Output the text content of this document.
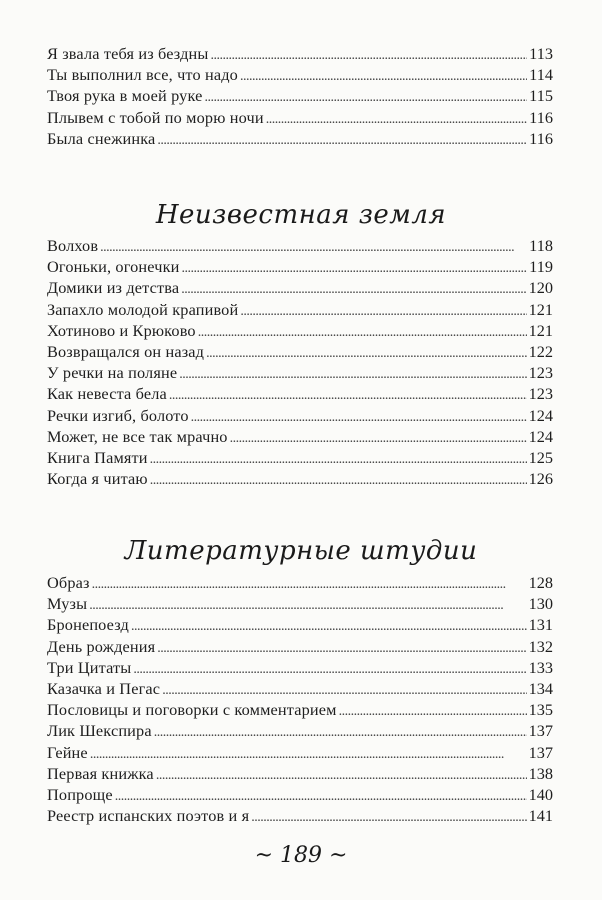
Я звала тебя из бездны . . .	113
Ты выполнил все, что надо . . .	114
Твоя рука в моей руке . . .	115
Плывем с тобой по морю ночи . . .	116
Была снежинка . . .	116
Неизвестная земля
Волхов . . .	118
Огоньки, огонечки . . .	119
Домики из детства . . .	120
Запахло молодой крапивой . . .	121
Хотиново и Крюково . . .	121
Возвращался он назад . . .	122
У речки на поляне . . .	123
Как невеста бела . . .	123
Речки изгиб, болото . . .	124
Может, не все так мрачно . . .	124
Книга Памяти . . .	125
Когда я читаю . . .	126
Литературные штудии
Образ . . .	128
Музы . . .	130
Бронепоезд . . .	131
День рождения . . .	132
Три Цитаты . . .	133
Казачка и Пегас . . .	134
Пословицы и поговорки с комментарием . . .	135
Лик Шекспира . . .	137
Гейне . . .	137
Первая книжка . . .	138
Попроще . . .	140
Реестр испанских поэтов и я . . .	141
~ 189 ~
